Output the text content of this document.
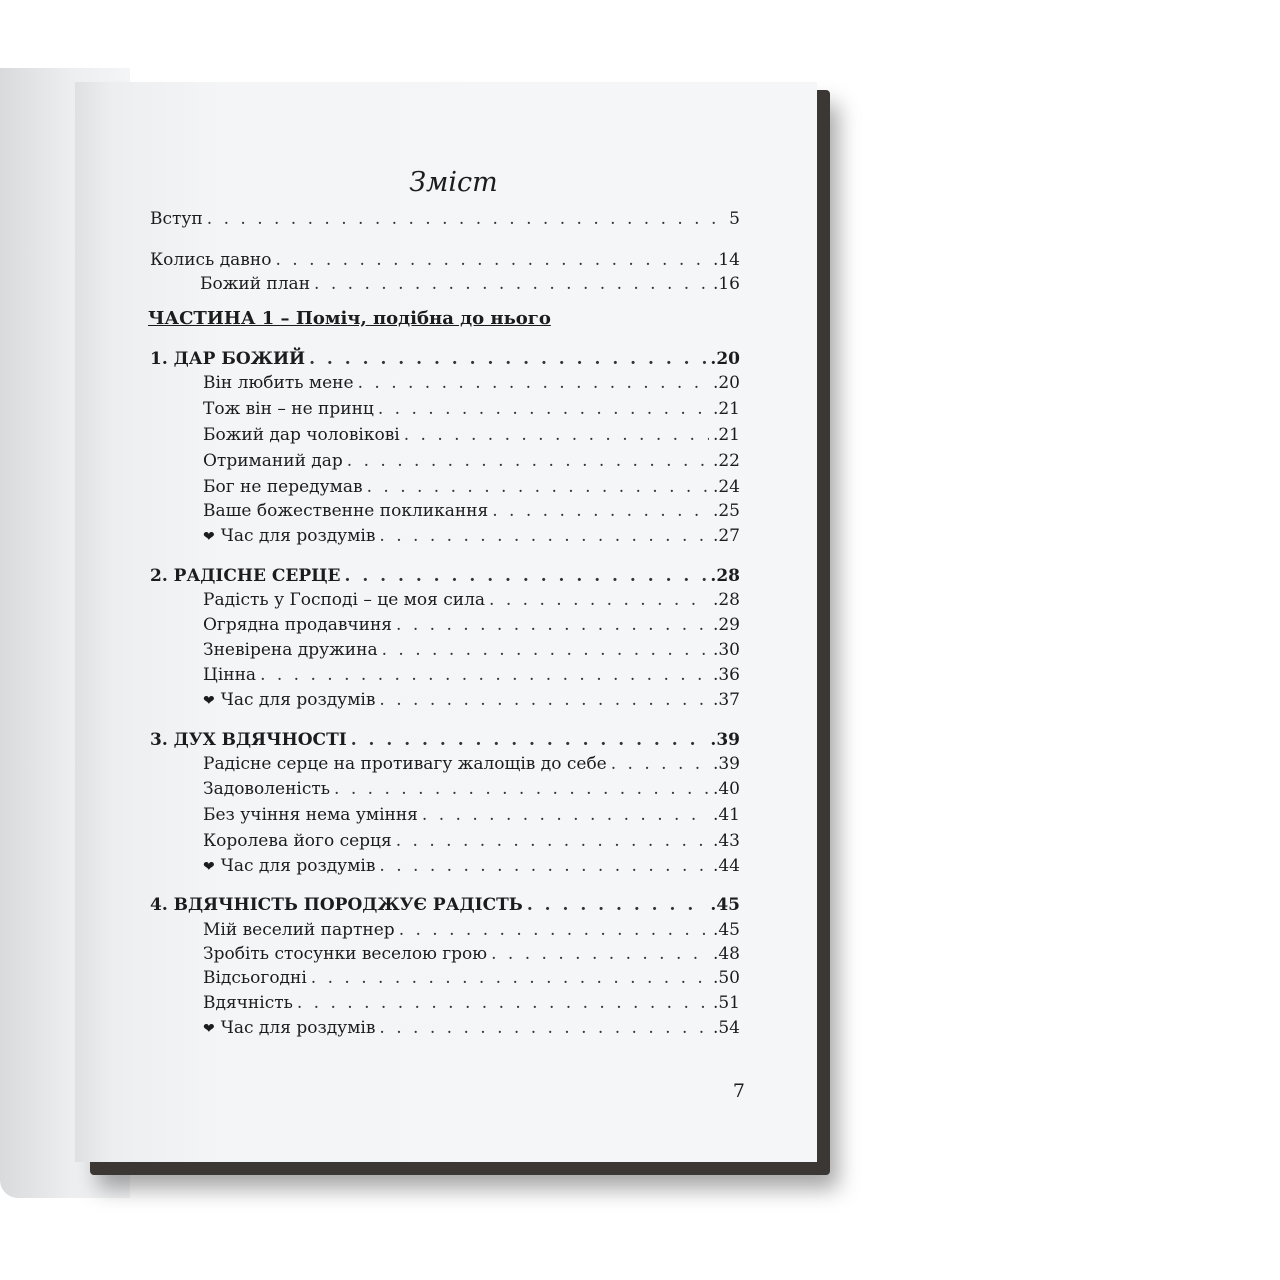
Зміст
Вступ . . .	5
Колись давно . . .	.14
Божий план . . .	.16
ЧАСТИНА 1 – Поміч, подібна до нього
1. ДАР БОЖИЙ . . .	.20
Він любить мене . . .	.20
Тож він – не принц . . .	.21
Божий дар чоловікові . . .	.21
Отриманий дар . . .	.22
Бог не передумав . . .	.24
Ваше божественне покликання . . .	.25
❤ Час для роздумів . . .	.27
2. РАДІСНЕ СЕРЦЕ . . .	.28
Радість у Господі – це моя сила . . .	.28
Огрядна продавчиня . . .	.29
Зневірена дружина . . .	.30
Цінна . . .	.36
❤ Час для роздумів . . .	.37
3. ДУХ ВДЯЧНОСТІ . . .	.39
Радісне серце на противагу жалощів до себе . . .	.39
Задоволеність . . .	.40
Без учіння нема уміння . . .	.41
Королева його серця . . .	.43
❤ Час для роздумів . . .	.44
4. ВДЯЧНІСТЬ ПОРОДЖУЄ РАДІСТЬ . . .	.45
Мій веселий партнер . . .	.45
Зробіть стосунки веселою грою . . .	.48
Відсьогодні . . .	.50
Вдячність . . .	.51
❤ Час для роздумів . . .	.54
7
